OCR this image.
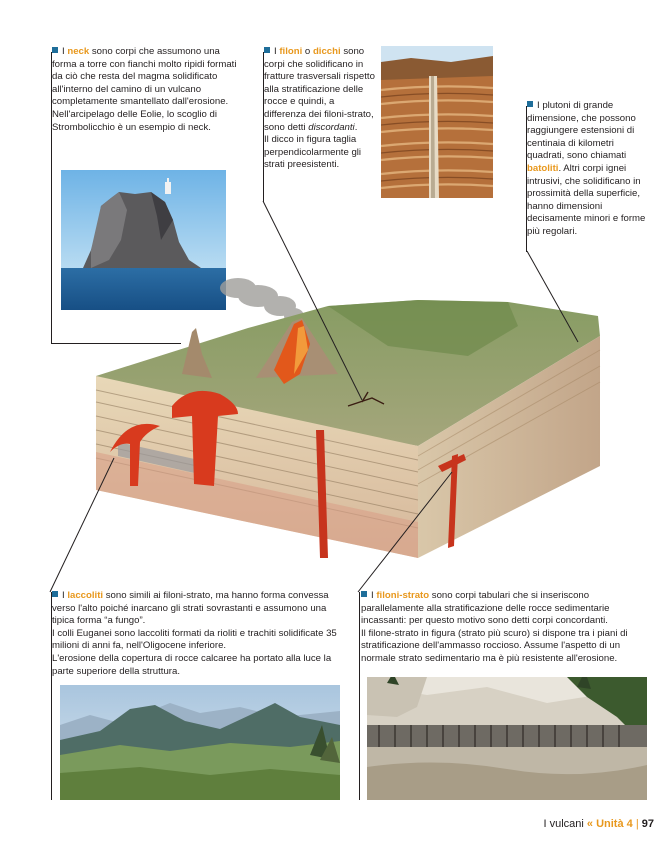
I neck sono corpi che assumono una forma a torre con fianchi molto ripidi formati da ciò che resta del magma solidificato all'interno del camino di un vulcano completamente smantellato dall'erosione.

Nell'arcipelago delle Eolie, lo scoglio di Strombolicchio è un esempio di neck.

I filoni o dicchi sono corpi che solidificano in fratture trasversali rispetto alla stratificazione delle rocce e quindi, a differenza dei filoni-strato, sono detti discordanti.

Il dicco in figura taglia perpendicolarmente gli strati preesistenti.

I plutoni di grande dimensione, che possono raggiungere estensioni di centinaia di kilometri quadrati, sono chiamati batoliti. Altri corpi ignei intrusivi, che solidificano in prossimità della superficie, hanno dimensioni decisamente minori e forme più regolari.

I laccoliti sono simili ai filoni-strato, ma hanno forma convessa verso l'alto poiché inarcano gli strati sovrastanti e assumono una tipica forma “a fungo”.

I colli Euganei sono laccoliti formati da rioliti e trachiti solidificate 35 milioni di anni fa, nell'Oligocene inferiore.

L'erosione della copertura di rocce calcaree ha portato alla luce la parte superiore della struttura.

I filoni-strato sono corpi tabulari che si inseriscono parallelamente alla stratificazione delle rocce sedimentarie incassanti: per questo motivo sono detti corpi concordanti.

Il filone-strato in figura (strato più scuro) si dispone tra i piani di stratificazione dell'ammasso roccioso. Assume l'aspetto di un normale strato sedimentario ma è più resistente all'erosione.

I vulcani « Unità 4 | 97
